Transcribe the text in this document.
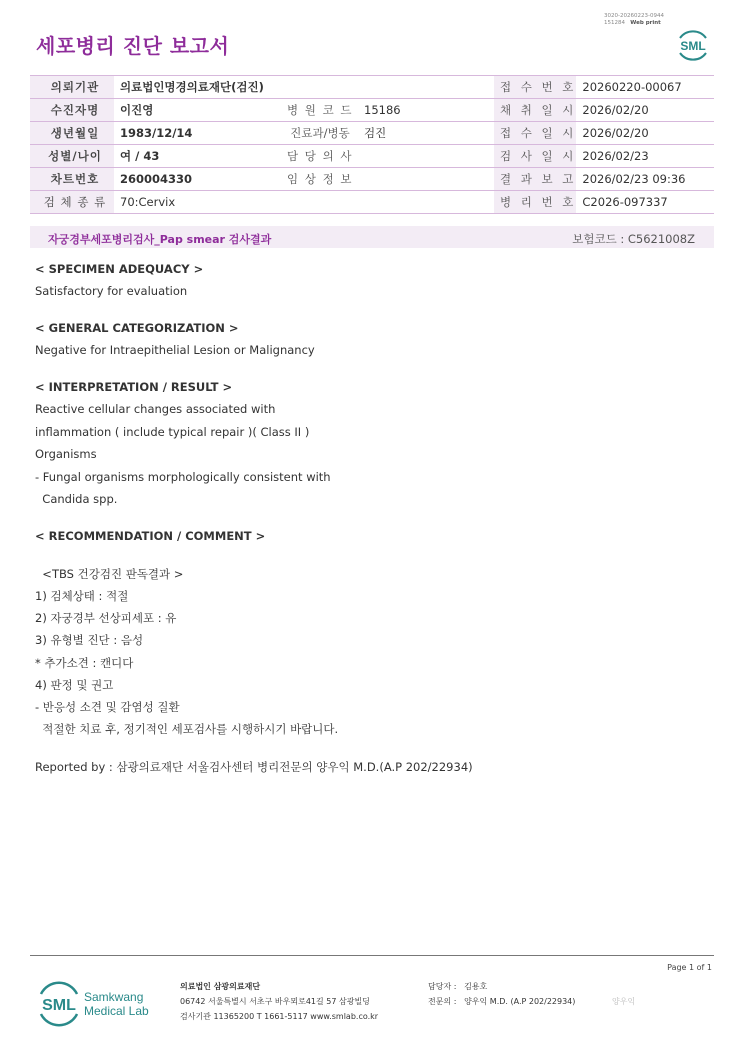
세포병리 진단 보고서
3020-20260223-0944
151284 Web print
SML
의뢰기관	의료법인명경의료재단(검진)			접 수 번 호	20260220-00067
수진자명	이진영	병 원 코 드	15186	채 취 일 시	2026/02/20
생년월일	1983/12/14	진료과/병동	검진	접 수 일 시	2026/02/20
성별/나이	여 / 43	담 당 의 사		검 사 일 시	2026/02/23
차트번호	260004330	임 상 정 보		결 과 보 고	2026/02/23 09:36
검 체 종 류	70:Cervix			병 리 번 호	C2026-097337
자궁경부세포병리검사_Pap smear 검사결과	보험코드 : C5621008Z
< SPECIMEN ADEQUACY >
Satisfactory for evaluation
< GENERAL CATEGORIZATION >
Negative for Intraepithelial Lesion or Malignancy
< INTERPRETATION / RESULT >
Reactive cellular changes associated with
inflammation ( include typical repair )( Class II )
Organisms
- Fungal organisms morphologically consistent with
Candida spp.
< RECOMMENDATION / COMMENT >
<TBS 건강검진 판독결과 >
1) 검체상태 : 적절
2) 자궁경부 선상피세포 : 유
3) 유형별 진단 : 음성
* 추가소견 : 캔디다
4) 판정 및 권고
- 반응성 소견 및 감염성 질환
적절한 치료 후, 정기적인 세포검사를 시행하시기 바랍니다.
Reported by : 삼광의료재단 서울검사센터 병리전문의 양우익 M.D.(A.P 202/22934)
Page 1 of 1
SML Samkwang
Medical Lab
의료법인 삼광의료재단
06742 서울특별시 서초구 바우뫼로41길 57 삼광빌딩
검사기관 11365200 T 1661-5117 www.smlab.co.kr
담당자 : 김용호
전문의 : 양우익 M.D. (A.P 202/22934)	양우익
